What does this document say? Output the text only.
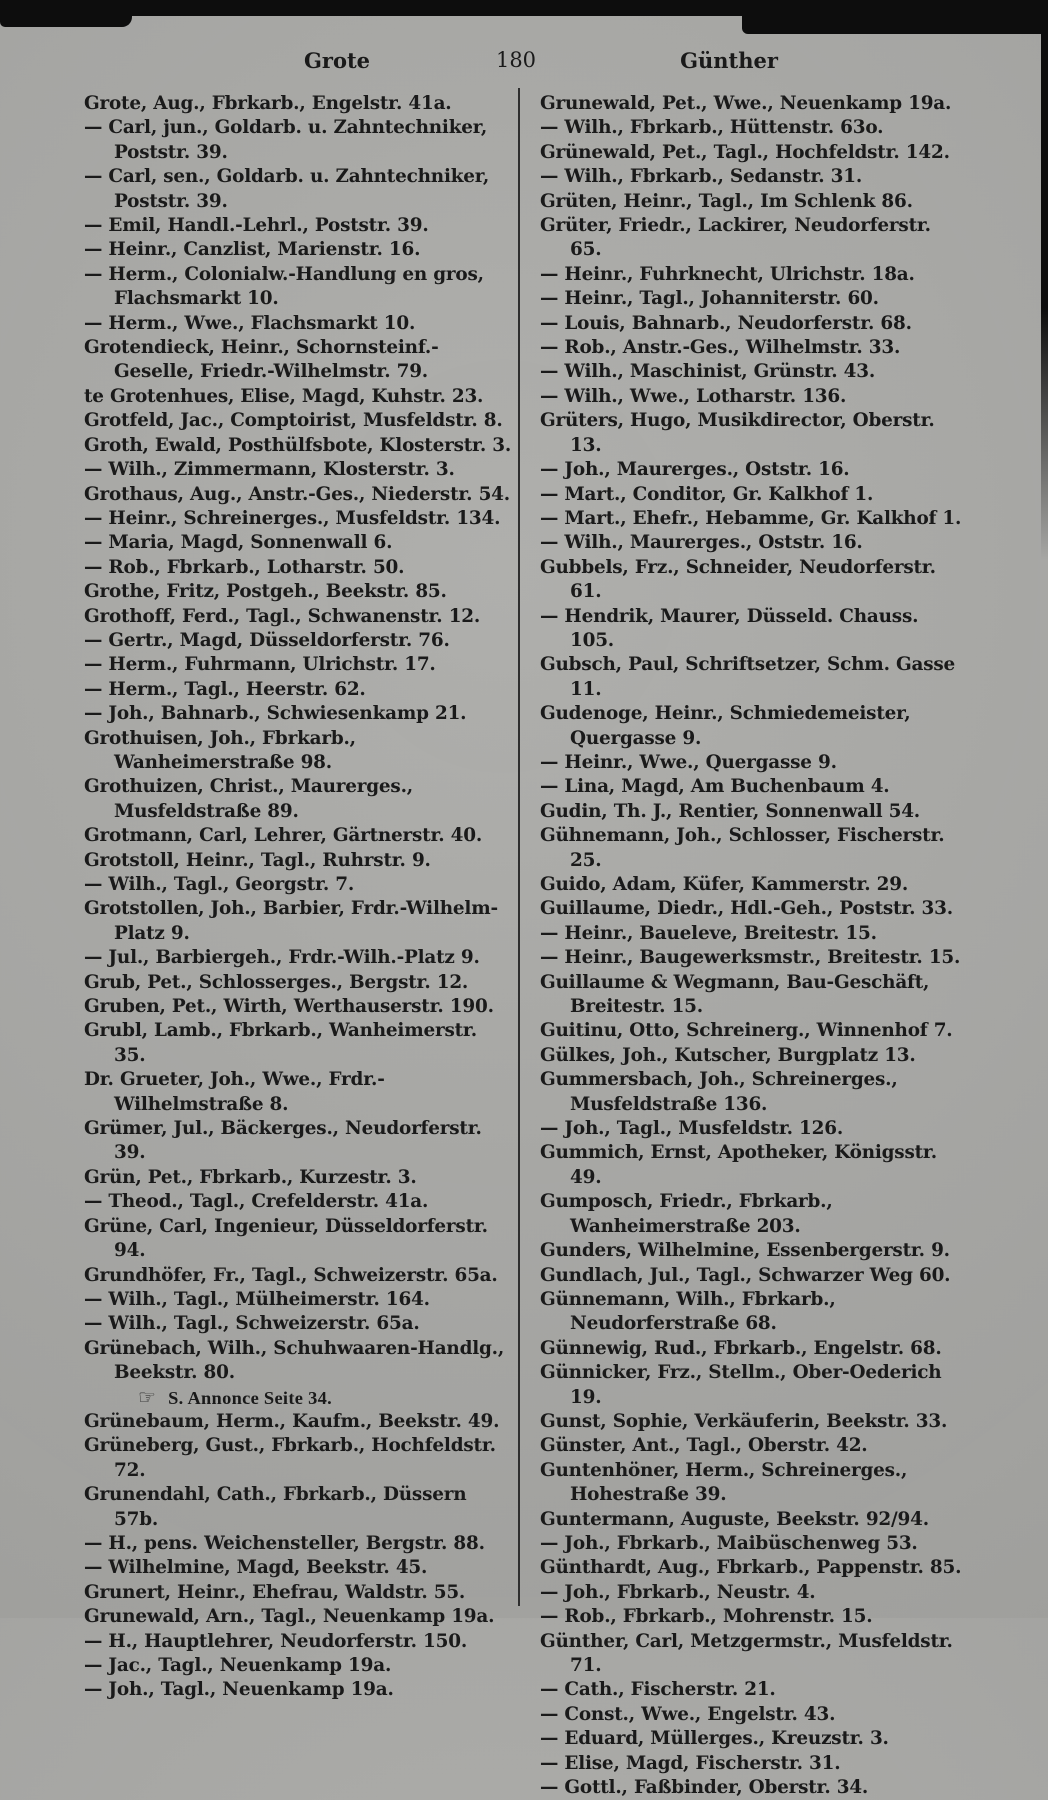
Grote	180	Günther

Grote, Aug., Fbrkarb., Engelstr. 41a.

— Carl, jun., Goldarb. u. Zahntechniker, Poststr. 39.

— Carl, sen., Goldarb. u. Zahntechniker, Poststr. 39.

— Emil, Handl.-Lehrl., Poststr. 39.

— Heinr., Canzlist, Marienstr. 16.

— Herm., Colonialw.-Handlung en gros, Flachsmarkt 10.

— Herm., Wwe., Flachsmarkt 10.

Grotendieck, Heinr., Schornsteinf.-Geselle, Friedr.-Wilhelmstr. 79.

te Grotenhues, Elise, Magd, Kuhstr. 23.

Grotfeld, Jac., Comptoirist, Musfeldstr. 8.

Groth, Ewald, Posthülfsbote, Klosterstr. 3.

— Wilh., Zimmermann, Klosterstr. 3.

Grothaus, Aug., Anstr.-Ges., Niederstr. 54.

— Heinr., Schreinerges., Musfeldstr. 134.

— Maria, Magd, Sonnenwall 6.

— Rob., Fbrkarb., Lotharstr. 50.

Grothe, Fritz, Postgeh., Beekstr. 85.

Grothoff, Ferd., Tagl., Schwanenstr. 12.

— Gertr., Magd, Düsseldorferstr. 76.

— Herm., Fuhrmann, Ulrichstr. 17.

— Herm., Tagl., Heerstr. 62.

— Joh., Bahnarb., Schwiesenkamp 21.

Grothuisen, Joh., Fbrkarb., Wanheimerstraße 98.

Grothuizen, Christ., Maurerges., Musfeldstraße 89.

Grotmann, Carl, Lehrer, Gärtnerstr. 40.

Grotstoll, Heinr., Tagl., Ruhrstr. 9.

— Wilh., Tagl., Georgstr. 7.

Grotstollen, Joh., Barbier, Frdr.-Wilhelm-Platz 9.

— Jul., Barbiergeh., Frdr.-Wilh.-Platz 9.

Grub, Pet., Schlosserges., Bergstr. 12.

Gruben, Pet., Wirth, Werthauserstr. 190.

Grubl, Lamb., Fbrkarb., Wanheimerstr. 35.

Dr. Grueter, Joh., Wwe., Frdr.-Wilhelmstraße 8.

Grümer, Jul., Bäckerges., Neudorferstr. 39.

Grün, Pet., Fbrkarb., Kurzestr. 3.

— Theod., Tagl., Crefelderstr. 41a.

Grüne, Carl, Ingenieur, Düsseldorferstr. 94.

Grundhöfer, Fr., Tagl., Schweizerstr. 65a.

— Wilh., Tagl., Mülheimerstr. 164.

— Wilh., Tagl., Schweizerstr. 65a.

Grünebach, Wilh., Schuhwaaren-Handlg., Beekstr. 80.

☞ S. Annonce Seite 34.

Grünebaum, Herm., Kaufm., Beekstr. 49.

Grüneberg, Gust., Fbrkarb., Hochfeldstr. 72.

Grunendahl, Cath., Fbrkarb., Düssern 57b.

— H., pens. Weichensteller, Bergstr. 88.

— Wilhelmine, Magd, Beekstr. 45.

Grunert, Heinr., Ehefrau, Waldstr. 55.

Grunewald, Arn., Tagl., Neuenkamp 19a.

— H., Hauptlehrer, Neudorferstr. 150.

— Jac., Tagl., Neuenkamp 19a.

— Joh., Tagl., Neuenkamp 19a.

Grunewald, Pet., Wwe., Neuenkamp 19a.

— Wilh., Fbrkarb., Hüttenstr. 63o.

Grünewald, Pet., Tagl., Hochfeldstr. 142.

— Wilh., Fbrkarb., Sedanstr. 31.

Grüten, Heinr., Tagl., Im Schlenk 86.

Grüter, Friedr., Lackirer, Neudorferstr. 65.

— Heinr., Fuhrknecht, Ulrichstr. 18a.

— Heinr., Tagl., Johanniterstr. 60.

— Louis, Bahnarb., Neudorferstr. 68.

— Rob., Anstr.-Ges., Wilhelmstr. 33.

— Wilh., Maschinist, Grünstr. 43.

— Wilh., Wwe., Lotharstr. 136.

Grüters, Hugo, Musikdirector, Oberstr. 13.

— Joh., Maurerges., Oststr. 16.

— Mart., Conditor, Gr. Kalkhof 1.

— Mart., Ehefr., Hebamme, Gr. Kalkhof 1.

— Wilh., Maurerges., Oststr. 16.

Gubbels, Frz., Schneider, Neudorferstr. 61.

— Hendrik, Maurer, Düsseld. Chauss. 105.

Gubsch, Paul, Schriftsetzer, Schm. Gasse 11.

Gudenoge, Heinr., Schmiedemeister, Quergasse 9.

— Heinr., Wwe., Quergasse 9.

— Lina, Magd, Am Buchenbaum 4.

Gudin, Th. J., Rentier, Sonnenwall 54.

Gühnemann, Joh., Schlosser, Fischerstr. 25.

Guido, Adam, Küfer, Kammerstr. 29.

Guillaume, Diedr., Hdl.-Geh., Poststr. 33.

— Heinr., Baueleve, Breitestr. 15.

— Heinr., Baugewerksmstr., Breitestr. 15.

Guillaume & Wegmann, Bau-Geschäft, Breitestr. 15.

Guitinu, Otto, Schreinerg., Winnenhof 7.

Gülkes, Joh., Kutscher, Burgplatz 13.

Gummersbach, Joh., Schreinerges., Musfeldstraße 136.

— Joh., Tagl., Musfeldstr. 126.

Gummich, Ernst, Apotheker, Königsstr. 49.

Gumposch, Friedr., Fbrkarb., Wanheimerstraße 203.

Gunders, Wilhelmine, Essenbergerstr. 9.

Gundlach, Jul., Tagl., Schwarzer Weg 60.

Günnemann, Wilh., Fbrkarb., Neudorferstraße 68.

Günnewig, Rud., Fbrkarb., Engelstr. 68.

Günnicker, Frz., Stellm., Ober-Oederich 19.

Gunst, Sophie, Verkäuferin, Beekstr. 33.

Günster, Ant., Tagl., Oberstr. 42.

Guntenhöner, Herm., Schreinerges., Hohestraße 39.

Guntermann, Auguste, Beekstr. 92/94.

— Joh., Fbrkarb., Maibüschenweg 53.

Günthardt, Aug., Fbrkarb., Pappenstr. 85.

— Joh., Fbrkarb., Neustr. 4.

— Rob., Fbrkarb., Mohrenstr. 15.

Günther, Carl, Metzgermstr., Musfeldstr. 71.

— Cath., Fischerstr. 21.

— Const., Wwe., Engelstr. 43.

— Eduard, Müllerges., Kreuzstr. 3.

— Elise, Magd, Fischerstr. 31.

— Gottl., Faßbinder, Oberstr. 34.
